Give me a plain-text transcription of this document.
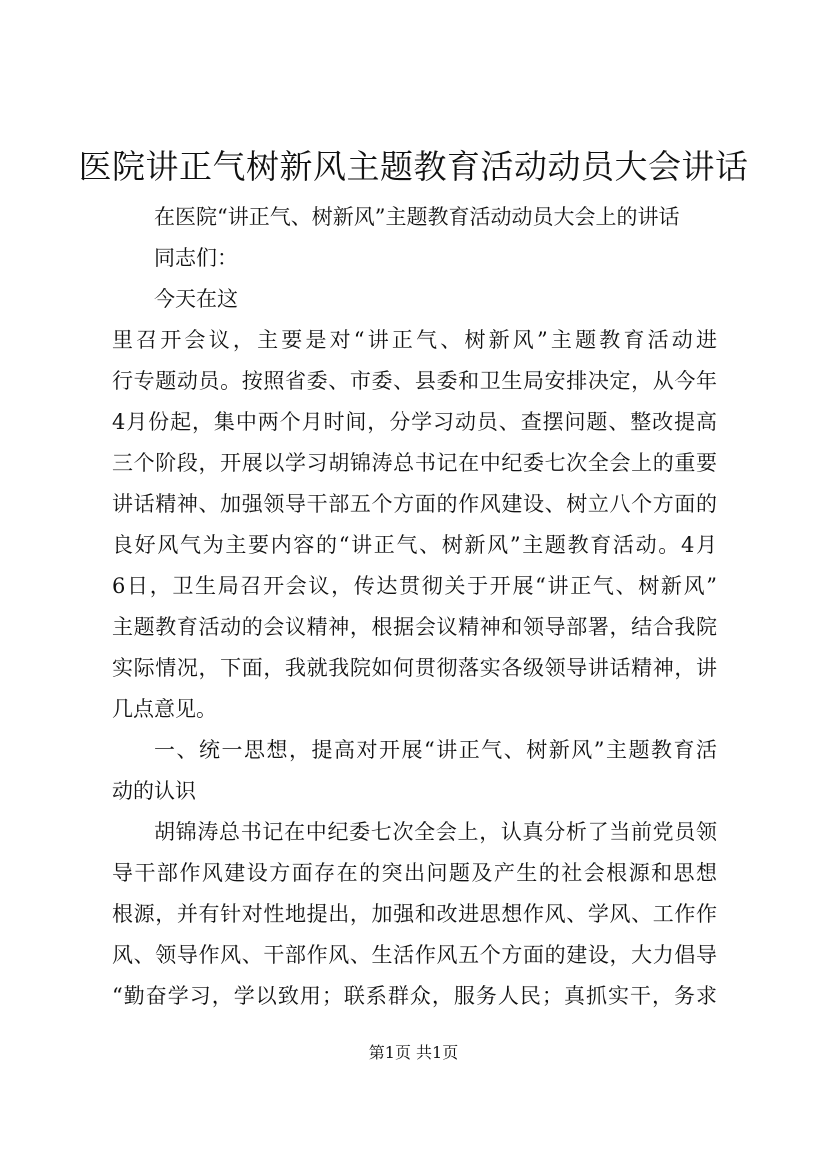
医院讲正气树新风主题教育活动动员大会讲话
在医院“讲正气、树新风”主题教育活动动员大会上的讲话
同志们：
今天在这
里召开会议，主要是对“讲正气、树新风”主题教育活动进
行专题动员。按照省委、市委、县委和卫生局安排决定，从今年
4月份起，集中两个月时间，分学习动员、查摆问题、整改提高
三个阶段，开展以学习胡锦涛总书记在中纪委七次全会上的重要
讲话精神、加强领导干部五个方面的作风建设、树立八个方面的
良好风气为主要内容的“讲正气、树新风”主题教育活动。4月
6日，卫生局召开会议，传达贯彻关于开展“讲正气、树新风”
主题教育活动的会议精神，根据会议精神和领导部署，结合我院
实际情况，下面，我就我院如何贯彻落实各级领导讲话精神，讲
几点意见。
一、统一思想，提高对开展“讲正气、树新风”主题教育活
动的认识
胡锦涛总书记在中纪委七次全会上，认真分析了当前党员领
导干部作风建设方面存在的突出问题及产生的社会根源和思想
根源，并有针对性地提出，加强和改进思想作风、学风、工作作
风、领导作风、干部作风、生活作风五个方面的建设，大力倡导
“勤奋学习，学以致用；联系群众，服务人民；真抓实干，务求
第1页 共1页
